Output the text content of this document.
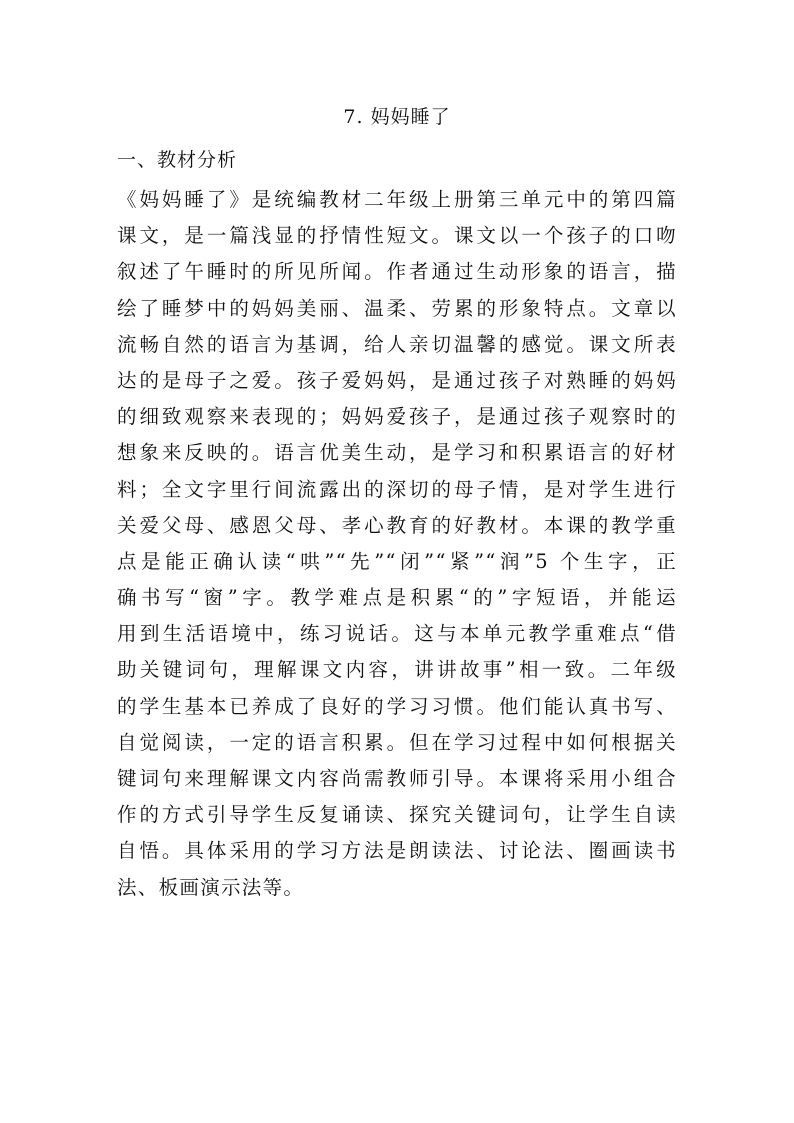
7. 妈妈睡了
一、教材分析
《妈妈睡了》是统编教材二年级上册第三单元中的第四篇
课文，是一篇浅显的抒情性短文。课文以一个孩子的口吻
叙述了午睡时的所见所闻。作者通过生动形象的语言，描
绘了睡梦中的妈妈美丽、温柔、劳累的形象特点。文章以
流畅自然的语言为基调，给人亲切温馨的感觉。课文所表
达的是母子之爱。孩子爱妈妈，是通过孩子对熟睡的妈妈
的细致观察来表现的；妈妈爱孩子，是通过孩子观察时的
想象来反映的。语言优美生动，是学习和积累语言的好材
料；全文字里行间流露出的深切的母子情，是对学生进行
关爱父母、感恩父母、孝心教育的好教材。本课的教学重
点是能正确认读“哄”“先”“闭”“紧”“润”5 个生字，正
确书写“窗”字。教学难点是积累“的”字短语，并能运
用到生活语境中，练习说话。这与本单元教学重难点“借
助关键词句，理解课文内容，讲讲故事”相一致。二年级
的学生基本已养成了良好的学习习惯。他们能认真书写、
自觉阅读，一定的语言积累。但在学习过程中如何根据关
键词句来理解课文内容尚需教师引导。本课将采用小组合
作的方式引导学生反复诵读、探究关键词句，让学生自读
自悟。具体采用的学习方法是朗读法、讨论法、圈画读书
法、板画演示法等。
